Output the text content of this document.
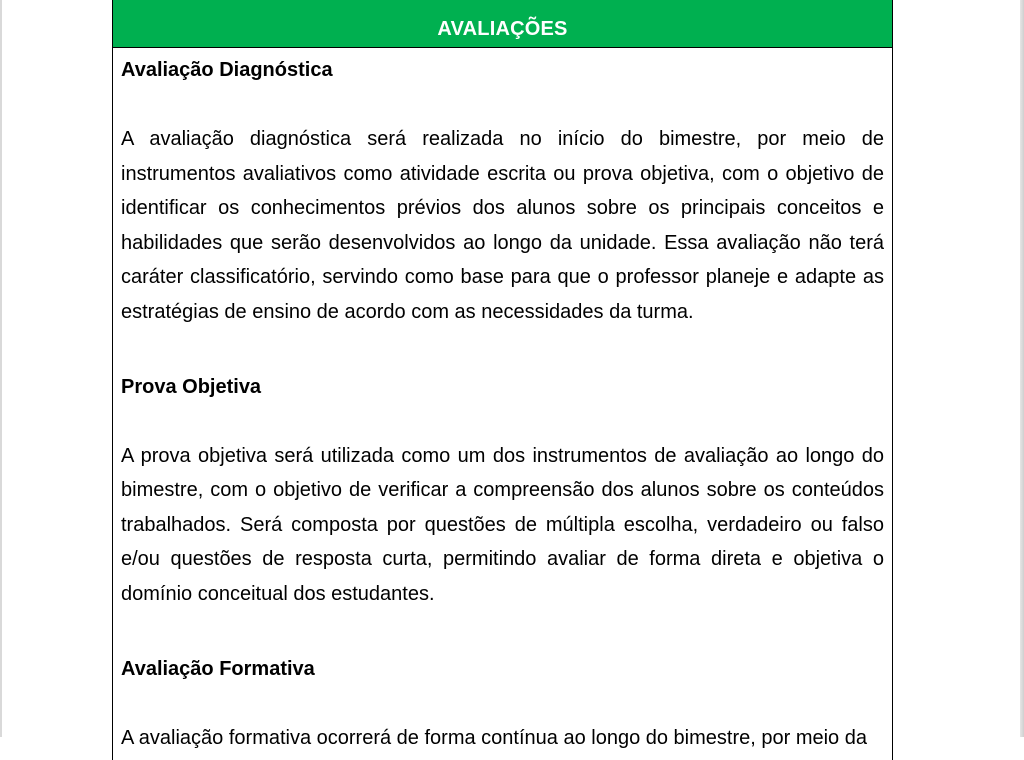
AVALIAÇÕES

Avaliação Diagnóstica

A avaliação diagnóstica será realizada no início do bimestre, por meio de instrumentos avaliativos como atividade escrita ou prova objetiva, com o objetivo de identificar os conhecimentos prévios dos alunos sobre os principais conceitos e habilidades que serão desenvolvidos ao longo da unidade. Essa avaliação não terá caráter classificatório, servindo como base para que o professor planeje e adapte as estratégias de ensino de acordo com as necessidades da turma.

Prova Objetiva

A prova objetiva será utilizada como um dos instrumentos de avaliação ao longo do bimestre, com o objetivo de verificar a compreensão dos alunos sobre os conteúdos trabalhados. Será composta por questões de múltipla escolha, verdadeiro ou falso e/ou questões de resposta curta, permitindo avaliar de forma direta e objetiva o domínio conceitual dos estudantes.

Avaliação Formativa

A avaliação formativa ocorrerá de forma contínua ao longo do bimestre, por meio da
